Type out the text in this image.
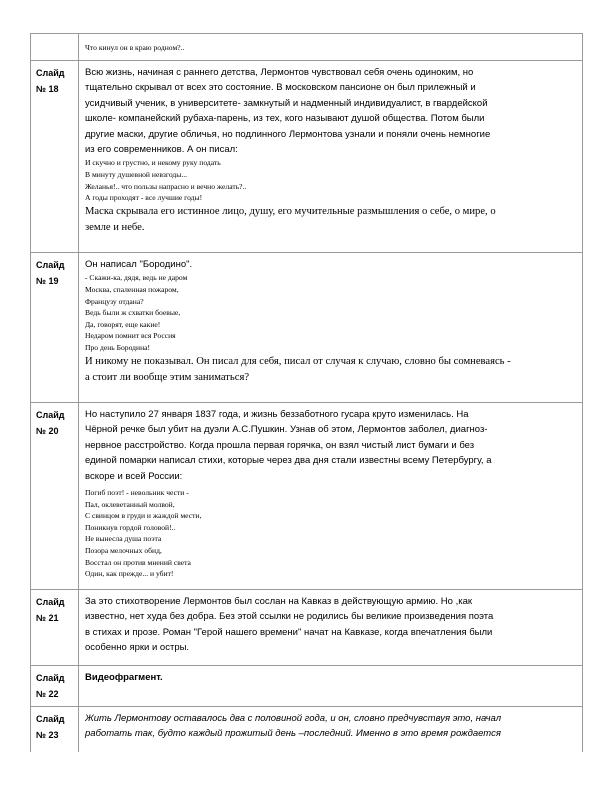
Что кинул он в краю родном?..

Слайд
№ 18

Всю жизнь, начиная с раннего детства, Лермонтов чувствовал себя очень одиноким, но

тщательно скрывал от всех это состояние. В московском пансионе он был прилежный и

усидчивый ученик, в университете- замкнутый и надменный индивидуалист, в гвардейской

школе- компанейский рубаха-парень, из тех, кого называют душой общества. Потом были

другие маски, другие обличья, но подлинного Лермонтова узнали и поняли очень немногие

из его современников. А он писал:

И скучно и грустно, и некому руку подать

В минуту душевной невзгоды...

Желанья!.. что пользы напрасно и вечно желать?..

А годы проходят - все лучшие годы!

Маска скрывала его истинное лицо, душу, его мучительные размышления о себе, о мире, о

земле и небе.

Слайд
№ 19

Он написал "Бородино".

- Скажи-ка, дядя, ведь не даром

Москва, спаленная пожаром,

Французу отдана?

Ведь были ж схватки боевые,

Да, говорят, еще какие!

Недаром помнит вся Россия

Про день Бородина!

И никому не показывал. Он писал для себя, писал от случая к случаю, словно бы сомневаясь -

а стоит ли вообще этим заниматься?

Слайд
№ 20

Но наступило 27 января 1837 года, и жизнь беззаботного гусара круто изменилась. На

Чёрной речке был убит на дуэли А.С.Пушкин. Узнав об этом, Лермонтов заболел, диагноз-

нервное расстройство. Когда прошла первая горячка, он взял чистый лист бумаги и без

единой помарки написал стихи, которые через два дня стали известны всему Петербургу, а

вскоре и всей России:

Погиб поэт! - невольник чести -

Пал, оклеветанный молвой,

С свинцом в груди и жаждой мести,

Поникнув гордой головой!..

Не вынесла душа поэта

Позора мелочных обид,

Восстал он против мнений света

Один, как прежде... и убит!

Слайд
№ 21

За это стихотворение Лермонтов был сослан на Кавказ в действующую армию. Но ,как

известно, нет худа без добра. Без этой ссылки не родились бы великие произведения поэта

в стихах и прозе. Роман "Герой нашего времени" начат на Кавказе, когда впечатления были

особенно ярки и остры.

Слайд
№ 22

Видеофрагмент.

Слайд
№ 23

Жить Лермонтову оставалось два с половиной года, и он, словно предчувствуя это, начал

работать так, будто каждый прожитый день –последний. Именно в это время рождается
